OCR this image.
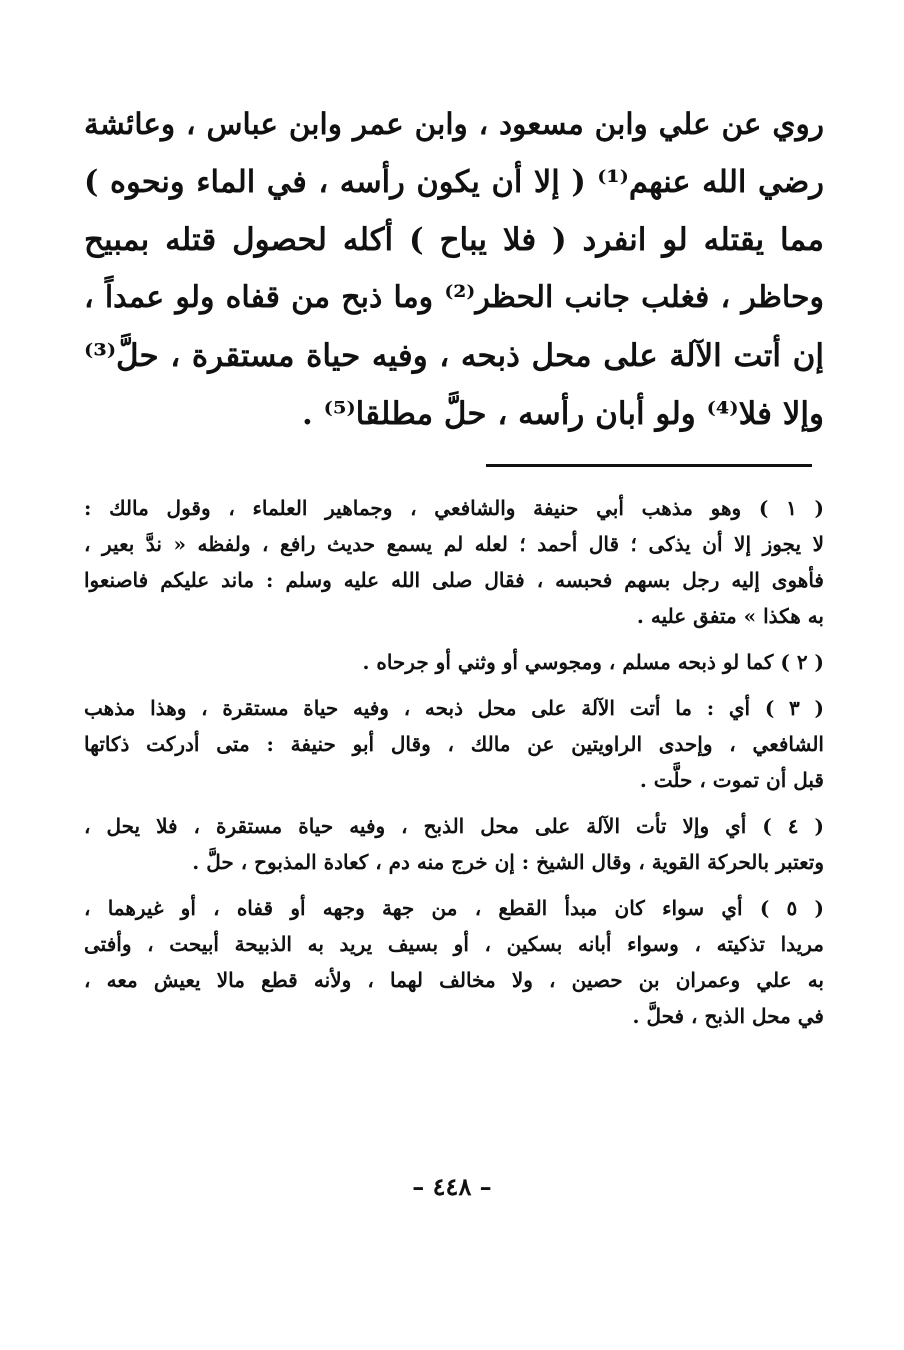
روي عن علي وابن مسعود ، وابن عمر وابن عباس ، وعائشة
رضي الله عنهم⁽¹⁾ ( إلا أن يكون رأسه ، في الماء ونحوه )
مما يقتله لو انفرد ( فلا يباح ) أكله لحصول قتله بمبيح
وحاظر ، فغلب جانب الحظر⁽²⁾ وما ذبح من قفاه ولو عمداً ،
إن أتت الآلة على محل ذبحه ، وفيه حياة مستقرة ، حلَّ⁽³⁾
وإلا فلا⁽⁴⁾ ولو أبان رأسه ، حلَّ مطلقا⁽⁵⁾ .
( ١ ) وهو مذهب أبي حنيفة والشافعي ، وجماهير العلماء ، وقول مالك :
لا يجوز إلا أن يذكى ؛ قال أحمد ؛ لعله لم يسمع حديث رافع ، ولفظه « ندَّ بعير ،
فأهوى إليه رجل بسهم فحبسه ، فقال صلى الله عليه وسلم : ماند عليكم فاصنعوا
به هكذا » متفق عليه .
( ٢ ) كما لو ذبحه مسلم ، ومجوسي أو وثني أو جرحاه .
( ٣ ) أي : ما أتت الآلة على محل ذبحه ، وفيه حياة مستقرة ، وهذا مذهب
الشافعي ، وإحدى الراويتين عن مالك ، وقال أبو حنيفة : متى أدركت ذكاتها
قبل أن تموت ، حلَّت .
( ٤ ) أي وإلا تأت الآلة على محل الذبح ، وفيه حياة مستقرة ، فلا يحل ،
وتعتبر بالحركة القوية ، وقال الشيخ : إن خرج منه دم ، كعادة المذبوح ، حلَّ .
( ٥ ) أي سواء كان مبدأ القطع ، من جهة وجهه أو قفاه ، أو غيرهما ،
مريدا تذكيته ، وسواء أبانه بسكين ، أو بسيف يريد به الذبيحة أبيحت ، وأفتى
به علي وعمران بن حصين ، ولا مخالف لهما ، ولأنه قطع مالا يعيش معه ،
في محل الذبح ، فحلَّ .
– ٤٤٨ –
